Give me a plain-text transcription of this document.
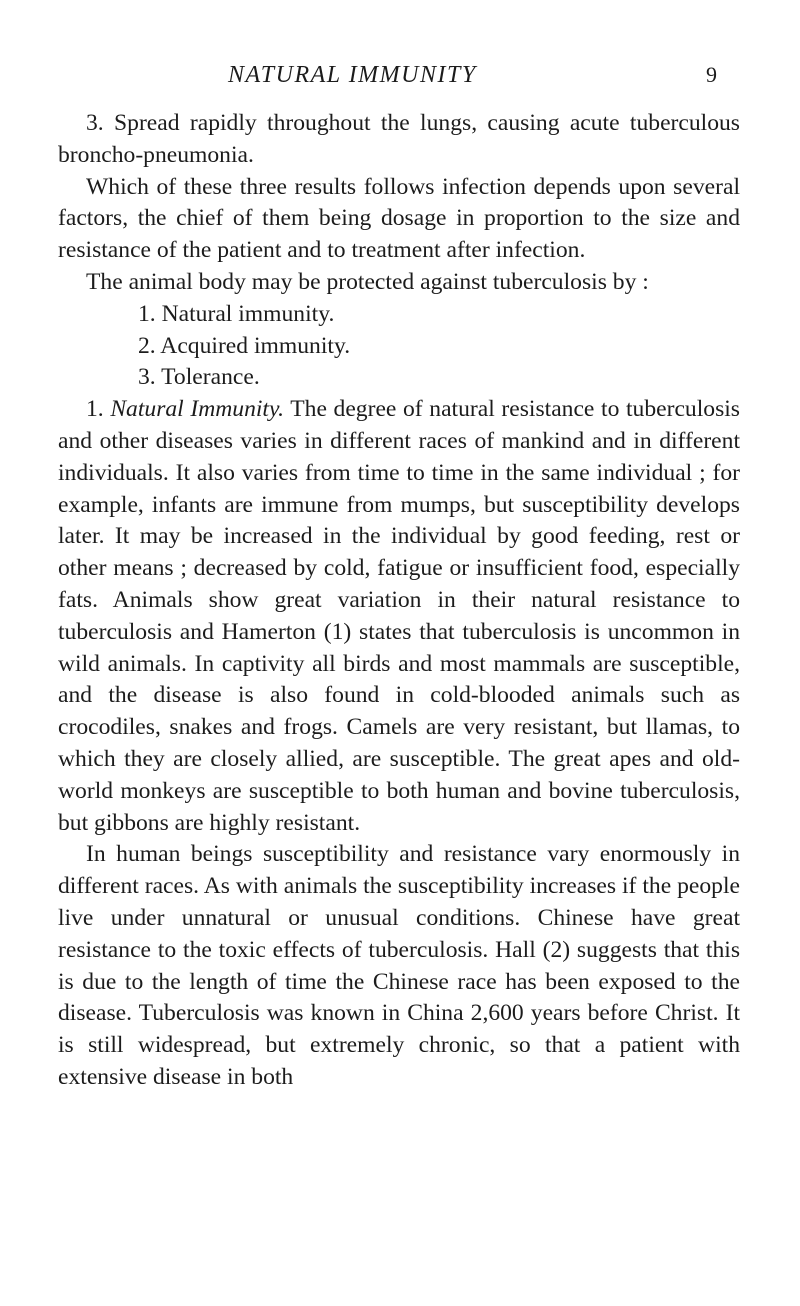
NATURAL IMMUNITY	9

3. Spread rapidly throughout the lungs, causing acute tuberculous broncho-pneumonia.

Which of these three results follows infection depends upon several factors, the chief of them being dosage in proportion to the size and resistance of the patient and to treatment after infection.

The animal body may be protected against tuberculosis by :

1. Natural immunity.

2. Acquired immunity.

3. Tolerance.

1. Natural Immunity. The degree of natural resistance to tuberculosis and other diseases varies in different races of mankind and in different individuals. It also varies from time to time in the same individual ; for example, infants are immune from mumps, but susceptibility develops later. It may be increased in the individual by good feeding, rest or other means ; decreased by cold, fatigue or insufficient food, especially fats. Animals show great variation in their natural resistance to tuberculosis and Hamerton (1) states that tuberculosis is uncommon in wild animals. In captivity all birds and most mammals are susceptible, and the disease is also found in cold-blooded animals such as crocodiles, snakes and frogs. Camels are very resistant, but llamas, to which they are closely allied, are susceptible. The great apes and old-world monkeys are susceptible to both human and bovine tuberculosis, but gibbons are highly resistant.

In human beings susceptibility and resistance vary enormously in different races. As with animals the susceptibility increases if the people live under unnatural or unusual conditions. Chinese have great resistance to the toxic effects of tuberculosis. Hall (2) suggests that this is due to the length of time the Chinese race has been exposed to the disease. Tuberculosis was known in China 2,600 years before Christ. It is still widespread, but extremely chronic, so that a patient with extensive disease in both
